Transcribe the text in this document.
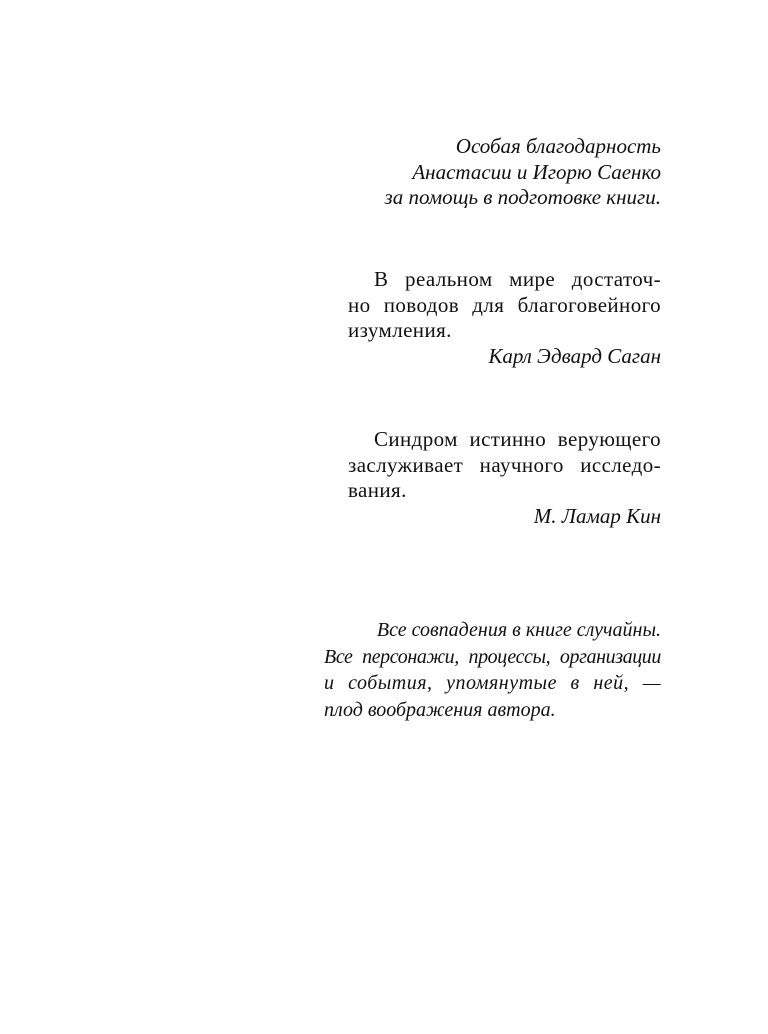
Особая благодарность
Анастасии и Игорю Саенко
за помощь в подготовке книги.
В реальном мире достаточ-
но поводов для благоговейного
изумления.
Карл Эдвард Саган
Синдром истинно верующего
заслуживает научного исследо-
вания.
М. Ламар Кин
Все совпадения в книге случайны.
Все персонажи, процессы, организации
и события, упомянутые в ней, —
плод воображения автора.
